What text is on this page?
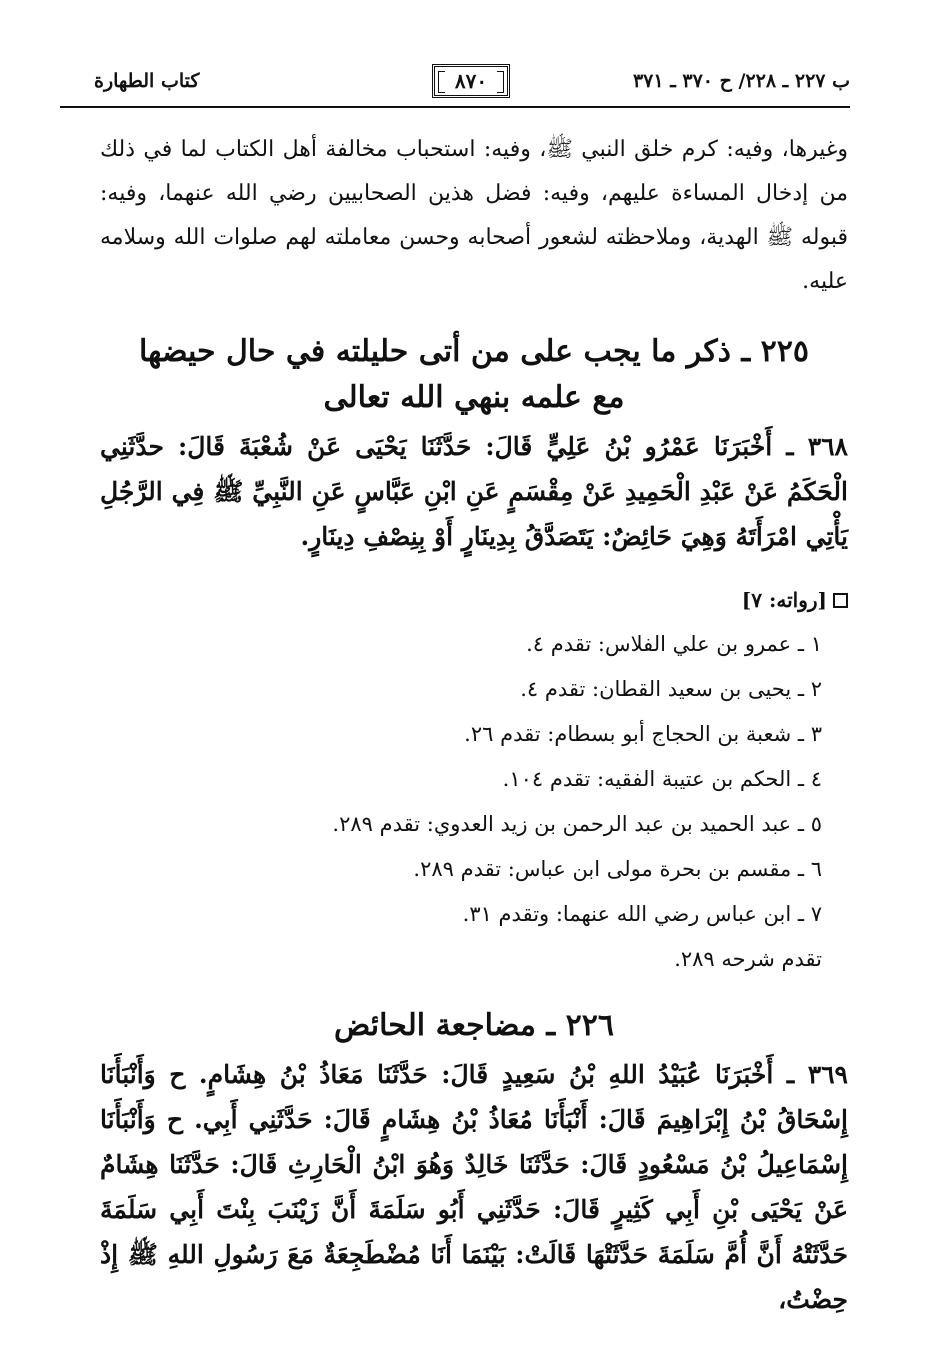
ب ٢٢٧ ـ ٢٢٨/ ح ٣٧٠ ـ ٣٧١
٨٧٠
كتاب الطهارة
وغيرها، وفيه: كرم خلق النبي ﷺ، وفيه: استحباب مخالفة أهل الكتاب لما في ذلك من إدخال المساءة عليهم، وفيه: فضل هذين الصحابيين رضي الله عنهما، وفيه: قبوله ﷺ الهدية، وملاحظته لشعور أصحابه وحسن معاملته لهم صلوات الله وسلامه عليه.
٢٢٥ ـ ذكر ما يجب على من أتى حليلته في حال حيضها
مع علمه بنهي الله تعالى
٣٦٨ ـ أَخْبَرَنَا عَمْرُو بْنُ عَلِيٍّ قَالَ: حَدَّثَنَا يَحْيَى عَنْ شُعْبَةَ قَالَ: حدَّثَنِي الْحَكَمُ عَنْ عَبْدِ الْحَمِيدِ عَنْ مِقْسَمٍ عَنِ ابْنِ عَبَّاسٍ عَنِ النَّبِيِّ ﷺ فِي الرَّجُلِ يَأْتِي امْرَأَتَهُ وَهِيَ حَائِضٌ: يَتَصَدَّقُ بِدِينَارٍ أَوْ بِنِصْفِ دِينَارٍ.
[رواته: ٧]
١ ـ عمرو بن علي الفلاس: تقدم ٤.
٢ ـ يحيى بن سعيد القطان: تقدم ٤.
٣ ـ شعبة بن الحجاج أبو بسطام: تقدم ٢٦.
٤ ـ الحكم بن عتيبة الفقيه: تقدم ١٠٤.
٥ ـ عبد الحميد بن عبد الرحمن بن زيد العدوي: تقدم ٢٨٩.
٦ ـ مقسم بن بحرة مولى ابن عباس: تقدم ٢٨٩.
٧ ـ ابن عباس رضي الله عنهما: وتقدم ٣١.
تقدم شرحه ٢٨٩.
٢٢٦ ـ مضاجعة الحائض
٣٦٩ ـ أَخْبَرَنَا عُبَيْدُ اللهِ بْنُ سَعِيدٍ قَالَ: حَدَّثَنَا مَعَاذُ بْنُ هِشَامٍ. ح وَأَنْبَأَنَا إِسْحَاقُ بْنُ إِبْرَاهِيمَ قَالَ: أَنْبَأَنَا مُعَاذُ بْنُ هِشَامٍ قَالَ: حَدَّثَنِي أَبِي. ح وَأَنْبَأَنَا إِسْمَاعِيلُ بْنُ مَسْعُودٍ قَالَ: حَدَّثَنَا خَالِدٌ وَهُوَ ابْنُ الْحَارِثِ قَالَ: حَدَّثَنَا هِشَامٌ عَنْ يَحْيَى بْنِ أَبِي كَثِيرٍ قَالَ: حَدَّثَنِي أَبُو سَلَمَةَ أَنَّ زَيْنَبَ بِنْتَ أَبِي سَلَمَةَ حَدَّثَتْهُ أَنَّ أُمَّ سَلَمَةَ حَدَّثَتْهَا قَالَتْ: بَيْنَمَا أَنَا مُضْطَجِعَةٌ مَعَ رَسُولِ اللهِ ﷺ إِذْ حِضْتُ،
